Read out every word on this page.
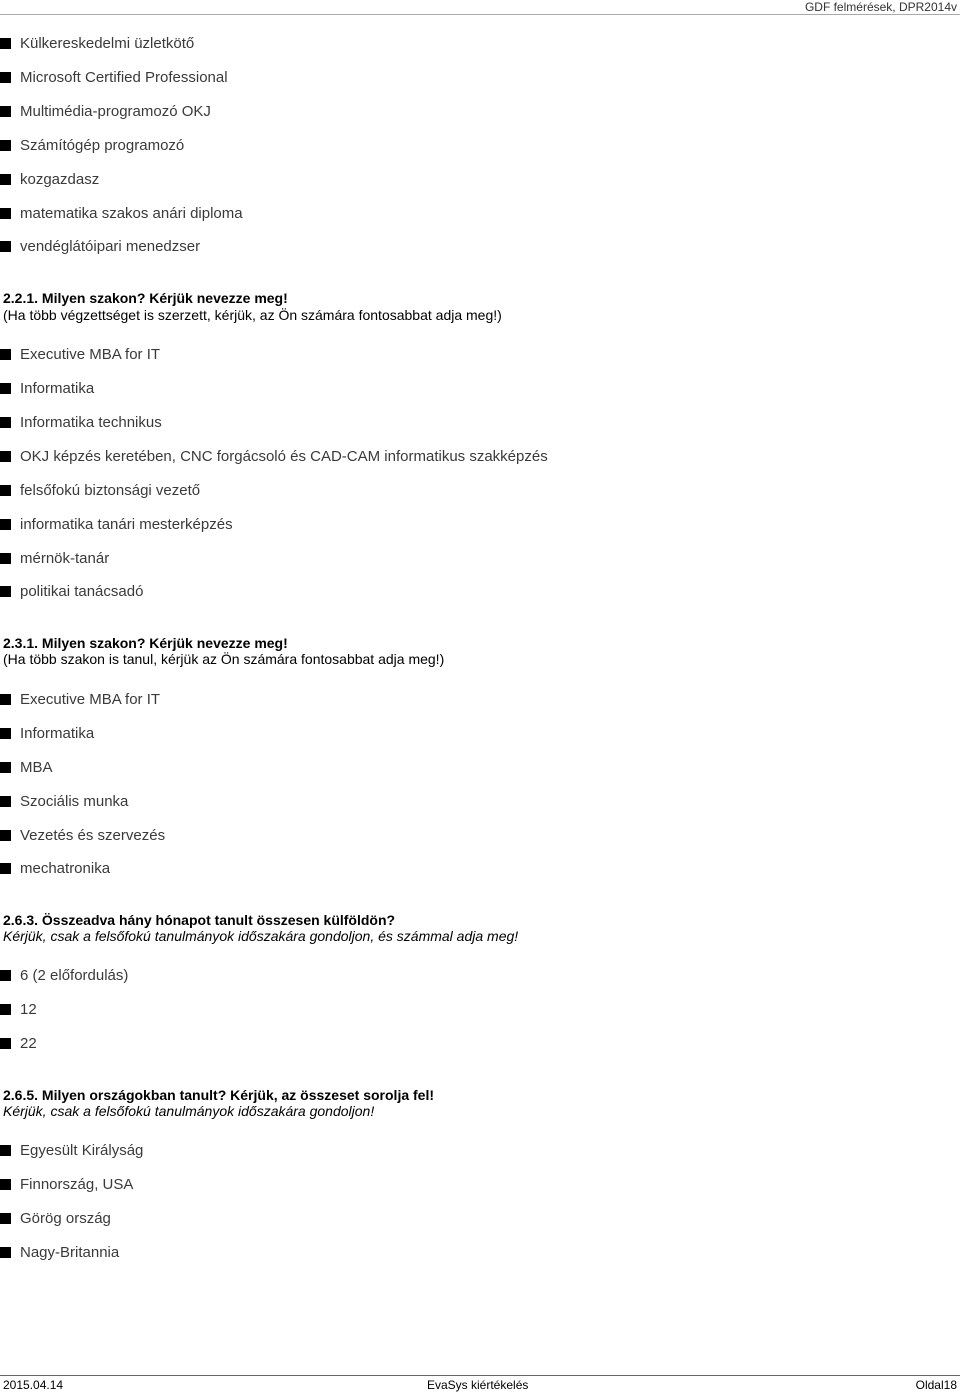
GDF felmérések, DPR2014v
Külkereskedelmi üzletkötő
Microsoft Certified Professional
Multimédia-programozó OKJ
Számítógép programozó
kozgazdasz
matematika szakos anári diploma
vendéglátóipari menedzser
2.2.1. Milyen szakon? Kérjük nevezze meg!
(Ha több végzettséget is szerzett, kérjük, az Ön számára fontosabbat adja meg!)
Executive MBA for IT
Informatika
Informatika technikus
OKJ képzés keretében, CNC forgácsoló és CAD-CAM informatikus szakképzés
felsőfokú biztonsági vezető
informatika tanári mesterképzés
mérnök-tanár
politikai tanácsadó
2.3.1. Milyen szakon? Kérjük nevezze meg!
(Ha több szakon is tanul, kérjük az Ön számára fontosabbat adja meg!)
Executive MBA for IT
Informatika
MBA
Szociális munka
Vezetés és szervezés
mechatronika
2.6.3. Összeadva hány hónapot tanult összesen külföldön?
Kérjük, csak a felsőfokú tanulmányok időszakára gondoljon, és számmal adja meg!
6 (2 előfordulás)
12
22
2.6.5. Milyen országokban tanult? Kérjük, az összeset sorolja fel!
Kérjük, csak a felsőfokú tanulmányok időszakára gondoljon!
Egyesült Királyság
Finnország, USA
Görög ország
Nagy-Britannia
2015.04.14	EvaSys kiértékelés	Oldal18
